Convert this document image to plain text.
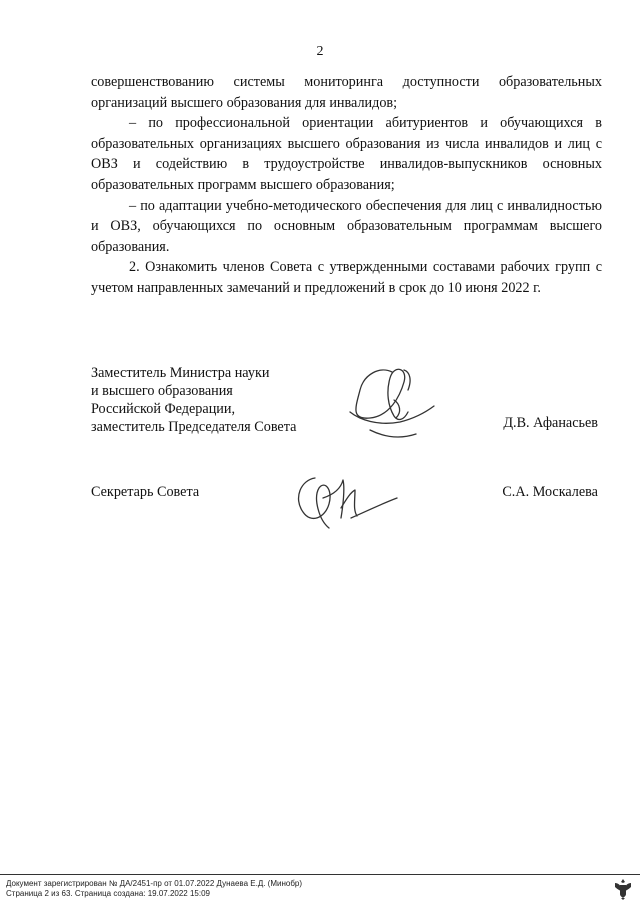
2

совершенствованию системы мониторинга доступности образовательных организаций высшего образования для инвалидов;

– по профессиональной ориентации абитуриентов и обучающихся в образовательных организациях высшего образования из числа инвалидов и лиц с ОВЗ и содействию в трудоустройстве инвалидов-выпускников основных образовательных программ высшего образования;

– по адаптации учебно-методического обеспечения для лиц с инвалидностью и ОВЗ, обучающихся по основным образовательным программам высшего образования.

2. Ознакомить членов Совета с утвержденными составами рабочих групп с учетом направленных замечаний и предложений в срок до 10 июня 2022 г.

Заместитель Министра науки
и высшего образования
Российской Федерации,
заместитель Председателя Совета	Д.В. Афанасьев
Секретарь Совета	С.А. Москалева
Документ зарегистрирован № ДА/2451-пр от 01.07.2022 Дунаева Е.Д. (Минобр)
Страница 2 из 63. Страница создана: 19.07.2022 15:09
